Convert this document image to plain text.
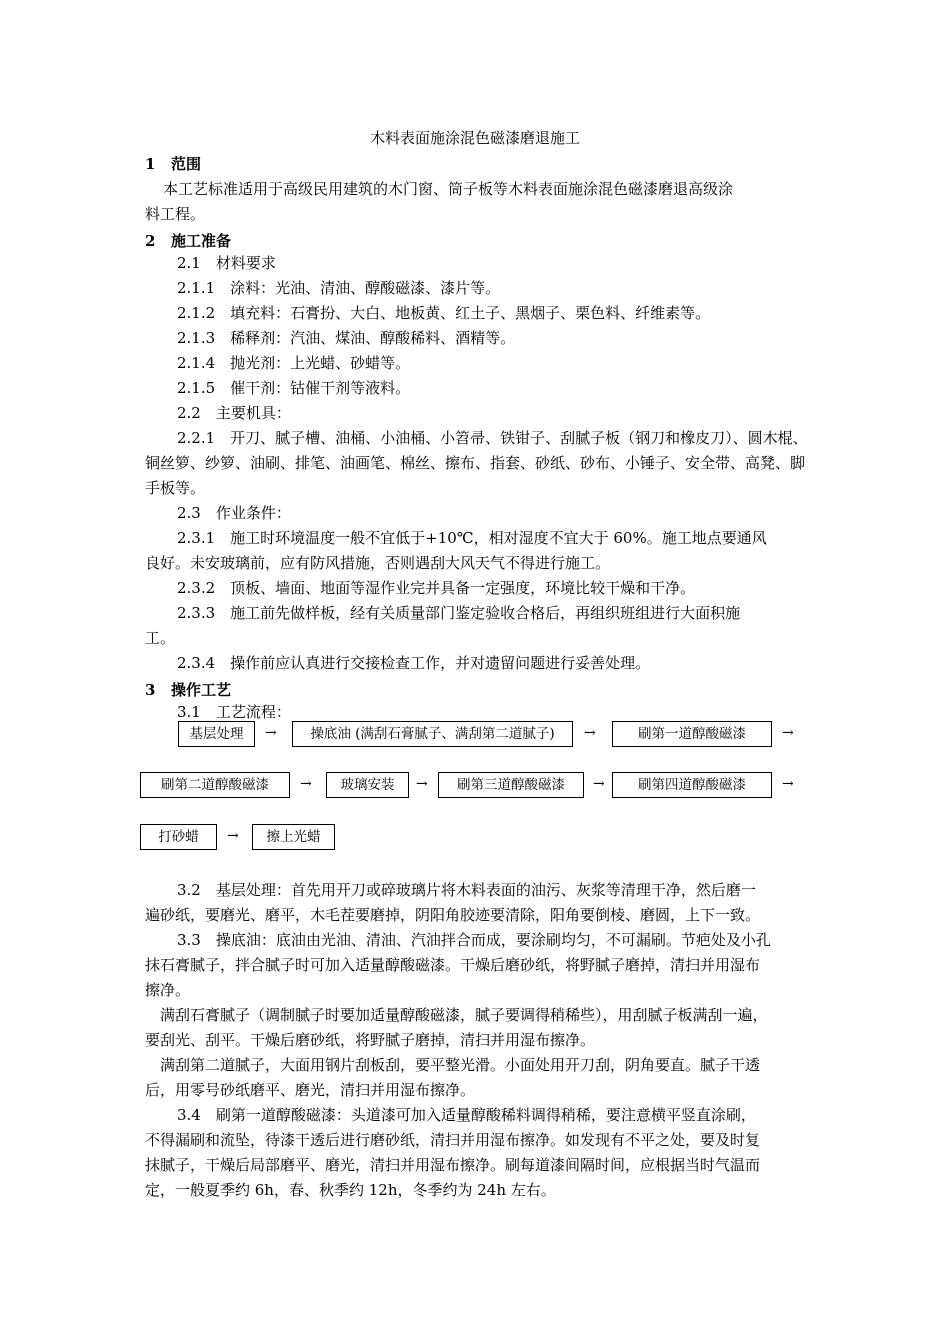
木料表面施涂混色磁漆磨退施工
1 范围
本工艺标准适用于高级民用建筑的木门窗、筒子板等木料表面施涂混色磁漆磨退高级涂
料工程。
2 施工准备
2.1　材料要求
2.1.1　涂料：光油、清油、醇酸磁漆、漆片等。
2.1.2　填充料：石膏扮、大白、地板黄、红土子、黑烟子、栗色料、纤维素等。
2.1.3　稀释剂：汽油、煤油、醇酸稀料、酒精等。
2.1.4　抛光剂：上光蜡、砂蜡等。
2.1.5　催干剂：钴催干剂等液料。
2.2　主要机具：
2.2.1　开刀、腻子槽、油桶、小油桶、小笤帚、铁钳子、刮腻子板（钢刀和橡皮刀）、圆木棍、
铜丝箩、纱箩、油刷、排笔、油画笔、棉丝、擦布、指套、砂纸、砂布、小锤子、安全带、高凳、脚
手板等。
2.3　作业条件：
2.3.1　施工时环境温度一般不宜低于+10℃，相对湿度不宜大于 60%。施工地点要通风
良好。未安玻璃前，应有防风措施，否则遇刮大风天气不得进行施工。
2.3.2　顶板、墙面、地面等湿作业完并具备一定强度，环境比较干燥和干净。
2.3.3　施工前先做样板，经有关质量部门鉴定验收合格后，再组织班组进行大面积施
工。
2.3.4　操作前应认真进行交接检查工作，并对遗留问题进行妥善处理。
3 操作工艺
3.1　工艺流程：
基层处理	→	操底油 (满刮石膏腻子、满刮第二道腻子)	→	刷第一道醇酸磁漆	→
刷第二道醇酸磁漆	→	玻璃安装	→	刷第三道醇酸磁漆	→	刷第四道醇酸磁漆	→
打砂蜡	→	擦上光蜡
3.2　基层处理：首先用开刀或碎玻璃片将木料表面的油污、灰浆等清理干净，然后磨一
遍砂纸，要磨光、磨平，木毛茬要磨掉，阴阳角胶迹要清除，阳角要倒棱、磨圆，上下一致。
3.3　操底油：底油由光油、清油、汽油拌合而成，要涂刷均匀，不可漏刷。节疤处及小孔
抹石膏腻子，拌合腻子时可加入适量醇酸磁漆。干燥后磨砂纸，将野腻子磨掉，清扫并用湿布
擦净。
满刮石膏腻子（调制腻子时要加适量醇酸磁漆，腻子要调得稍稀些），用刮腻子板满刮一遍，
要刮光、刮平。干燥后磨砂纸，将野腻子磨掉，清扫并用湿布擦净。
满刮第二道腻子，大面用钢片刮板刮，要平整光滑。小面处用开刀刮，阴角要直。腻子干透
后，用零号砂纸磨平、磨光，清扫并用湿布擦净。
3.4　刷第一道醇酸磁漆：头道漆可加入适量醇酸稀料调得稍稀，要注意横平竖直涂刷，
不得漏刷和流坠，待漆干透后进行磨砂纸，清扫并用湿布擦净。如发现有不平之处，要及时复
抹腻子，干燥后局部磨平、磨光，清扫并用湿布擦净。刷每道漆间隔时间，应根据当时气温而
定，一般夏季约 6h，春、秋季约 12h，冬季约为 24h 左右。
